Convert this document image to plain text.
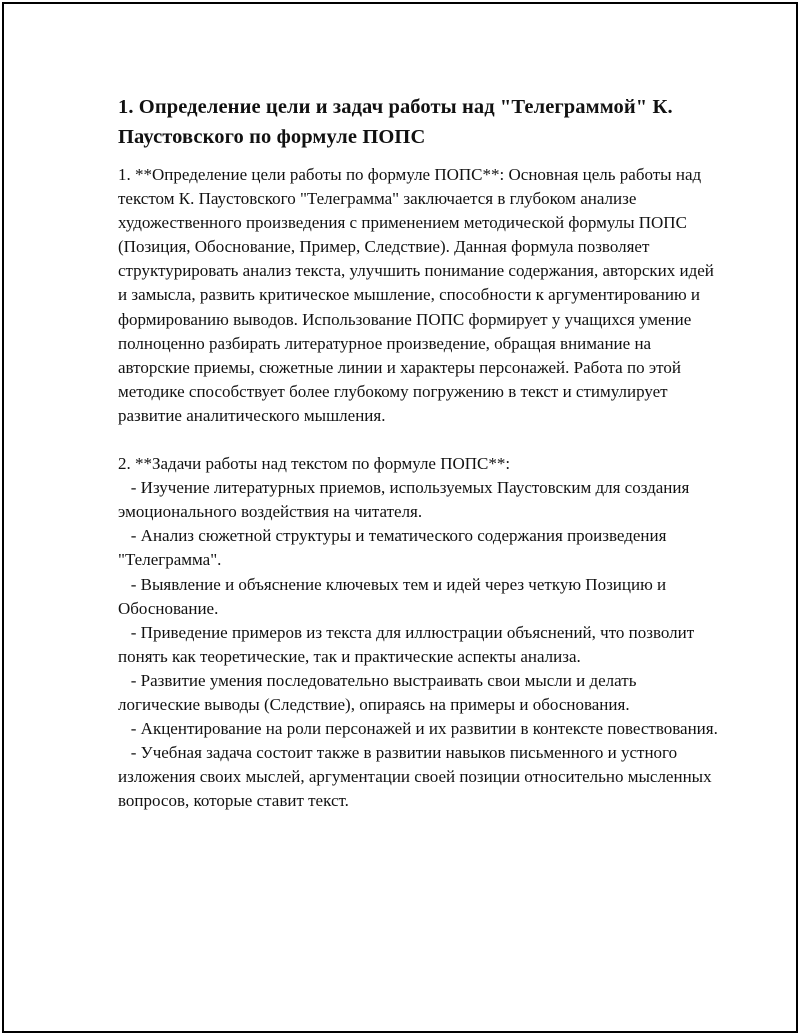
1. Определение цели и задач работы над "Телеграммой" К. Паустовского по формуле ПОПС

1. **Определение цели работы по формуле ПОПС**: Основная цель работы над текстом К. Паустовского "Телеграмма" заключается в глубоком анализе художественного произведения с применением методической формулы ПОПС (Позиция, Обоснование, Пример, Следствие). Данная формула позволяет структурировать анализ текста, улучшить понимание содержания, авторских идей и замысла, развить критическое мышление, способности к аргументированию и формированию выводов. Использование ПОПС формирует у учащихся умение полноценно разбирать литературное произведение, обращая внимание на авторские приемы, сюжетные линии и характеры персонажей. Работа по этой методике способствует более глубокому погружению в текст и стимулирует развитие аналитического мышления.

2. **Задачи работы над текстом по формуле ПОПС**:
- Изучение литературных приемов, используемых Паустовским для создания эмоционального воздействия на читателя.
- Анализ сюжетной структуры и тематического содержания произведения "Телеграмма".
- Выявление и объяснение ключевых тем и идей через четкую Позицию и Обоснование.
- Приведение примеров из текста для иллюстрации объяснений, что позволит понять как теоретические, так и практические аспекты анализа.
- Развитие умения последовательно выстраивать свои мысли и делать логические выводы (Следствие), опираясь на примеры и обоснования.
- Акцентирование на роли персонажей и их развитии в контексте повествования.
- Учебная задача состоит также в развитии навыков письменного и устного изложения своих мыслей, аргументации своей позиции относительно мысленных вопросов, которые ставит текст.
